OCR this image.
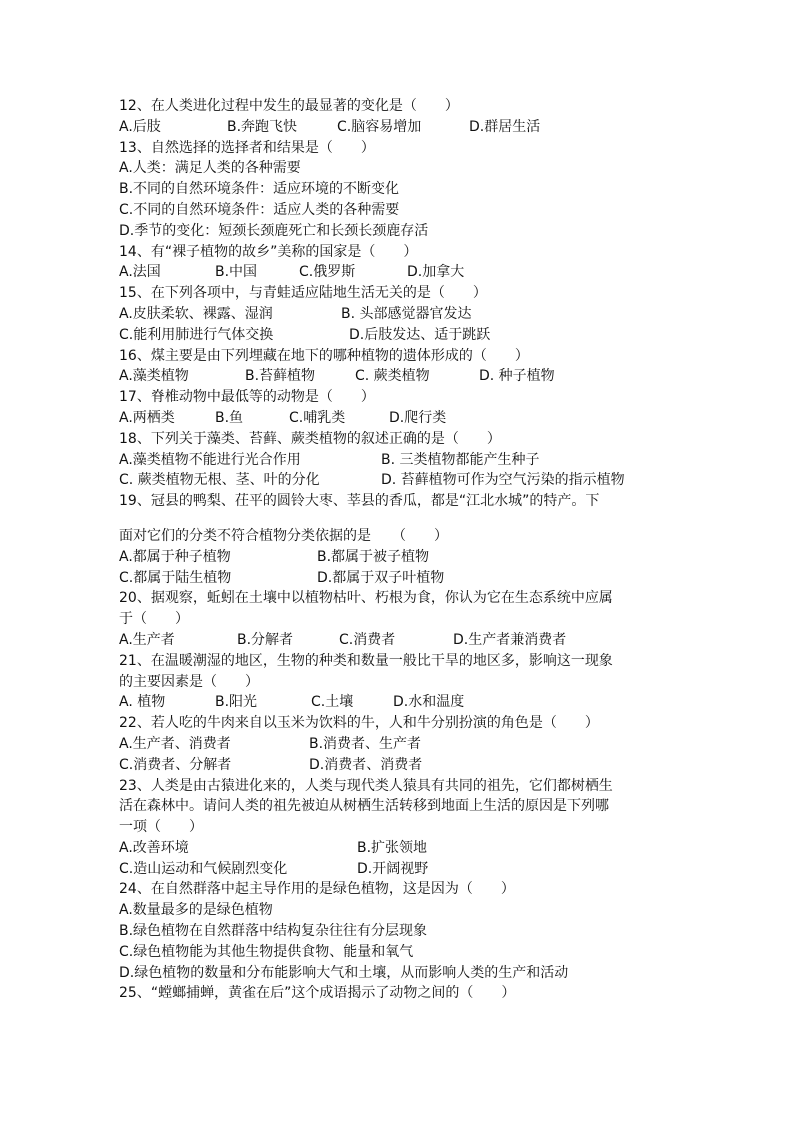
12、在人类进化过程中发生的最显著的变化是（　　）
A.后肢	B.奔跑飞快	C.脑容易增加	D.群居生活
13、自然选择的选择者和结果是（　　）
A.人类：满足人类的各种需要
B.不同的自然环境条件：适应环境的不断变化
C.不同的自然环境条件：适应人类的各种需要
D.季节的变化：短颈长颈鹿死亡和长颈长颈鹿存活
14、有“裸子植物的故乡”美称的国家是（　　）
A.法国	B.中国	C.俄罗斯	D.加拿大
15、在下列各项中，与青蛙适应陆地生活无关的是（　　）
A.皮肤柔软、裸露、湿润	B. 头部感觉器官发达
C.能利用肺进行气体交换	D.后肢发达、适于跳跃
16、煤主要是由下列埋藏在地下的哪种植物的遗体形成的（　　）
A.藻类植物	B.苔藓植物	C. 蕨类植物	D. 种子植物
17、脊椎动物中最低等的动物是（　　）
A.两栖类	B.鱼	C.哺乳类	D.爬行类
18、下列关于藻类、苔藓、蕨类植物的叙述正确的是（　　）
A.藻类植物不能进行光合作用	B. 三类植物都能产生种子
C. 蕨类植物无根、茎、叶的分化	D. 苔藓植物可作为空气污染的指示植物
19、冠县的鸭梨、茌平的圆铃大枣、莘县的香瓜，都是“江北水城”的特产。下
面对它们的分类不符合植物分类依据的是　　（　　）
A.都属于种子植物	B.都属于被子植物
C.都属于陆生植物	D.都属于双子叶植物
20、据观察，蚯蚓在土壤中以植物枯叶、朽根为食，你认为它在生态系统中应属
于（　　）
A.生产者	B.分解者	C.消费者	D.生产者兼消费者
21、在温暖潮湿的地区，生物的种类和数量一般比干旱的地区多，影响这一现象
的主要因素是（　　）
A. 植物	B.阳光	C.土壤	D.水和温度
22、若人吃的牛肉来自以玉米为饮料的牛，人和牛分别扮演的角色是（　　）
A.生产者、消费者	B.消费者、生产者
C.消费者、分解者	D.消费者、消费者
23、人类是由古猿进化来的，人类与现代类人猿具有共同的祖先，它们都树栖生
活在森林中。请问人类的祖先被迫从树栖生活转移到地面上生活的原因是下列哪
一项（　　）
A.改善环境	B.扩张领地
C.造山运动和气候剧烈变化	D.开阔视野
24、在自然群落中起主导作用的是绿色植物，这是因为（　　）
A.数量最多的是绿色植物
B.绿色植物在自然群落中结构复杂往往有分层现象
C.绿色植物能为其他生物提供食物、能量和氧气
D.绿色植物的数量和分布能影响大气和土壤，从而影响人类的生产和活动
25、“螳螂捕蝉，黄雀在后”这个成语揭示了动物之间的（　　）
